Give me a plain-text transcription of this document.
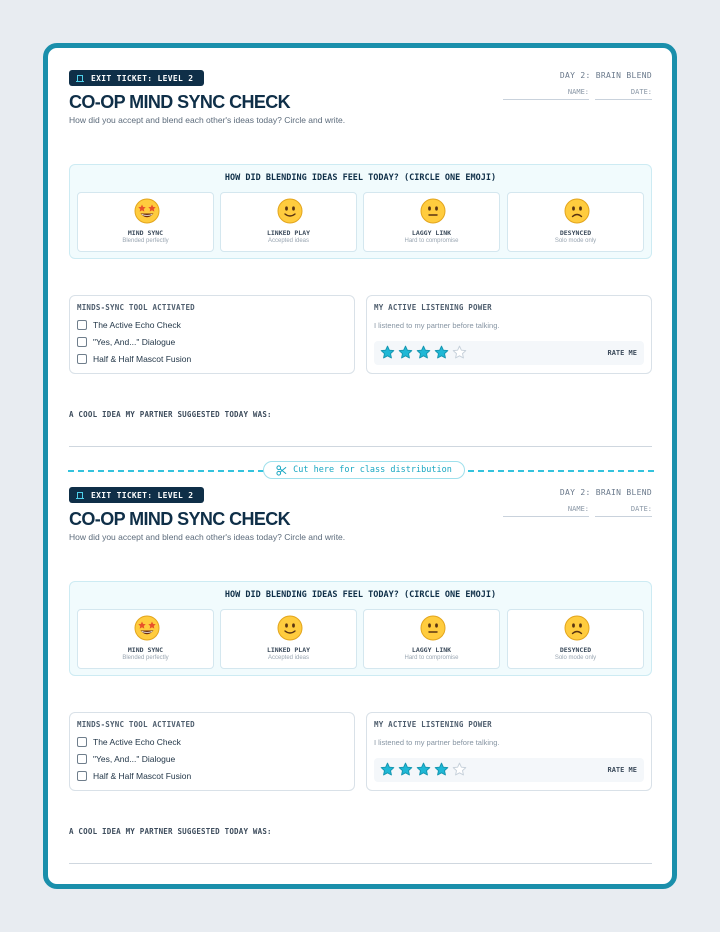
EXIT TICKET: LEVEL 2	DAY 2: BRAIN BLEND
NAME:	DATE:
CO-OP MIND SYNC CHECK
How did you accept and blend each other's ideas today? Circle and write.
HOW DID BLENDING IDEAS FEEL TODAY? (CIRCLE ONE EMOJI)
MIND SYNC
Blended perfectly
LINKED PLAY
Accepted ideas
LAGGY LINK
Hard to compromise
DESYNCED
Solo mode only
MINDS-SYNC TOOL ACTIVATED
The Active Echo Check
"Yes, And..." Dialogue
Half & Half Mascot Fusion
MY ACTIVE LISTENING POWER
I listened to my partner before talking.
RATE ME
A COOL IDEA MY PARTNER SUGGESTED TODAY WAS:
Cut here for class distribution
EXIT TICKET: LEVEL 2	DAY 2: BRAIN BLEND
NAME:	DATE:
CO-OP MIND SYNC CHECK
How did you accept and blend each other's ideas today? Circle and write.
HOW DID BLENDING IDEAS FEEL TODAY? (CIRCLE ONE EMOJI)
MIND SYNC
Blended perfectly
LINKED PLAY
Accepted ideas
LAGGY LINK
Hard to compromise
DESYNCED
Solo mode only
MINDS-SYNC TOOL ACTIVATED
The Active Echo Check
"Yes, And..." Dialogue
Half & Half Mascot Fusion
MY ACTIVE LISTENING POWER
I listened to my partner before talking.
RATE ME
A COOL IDEA MY PARTNER SUGGESTED TODAY WAS:
